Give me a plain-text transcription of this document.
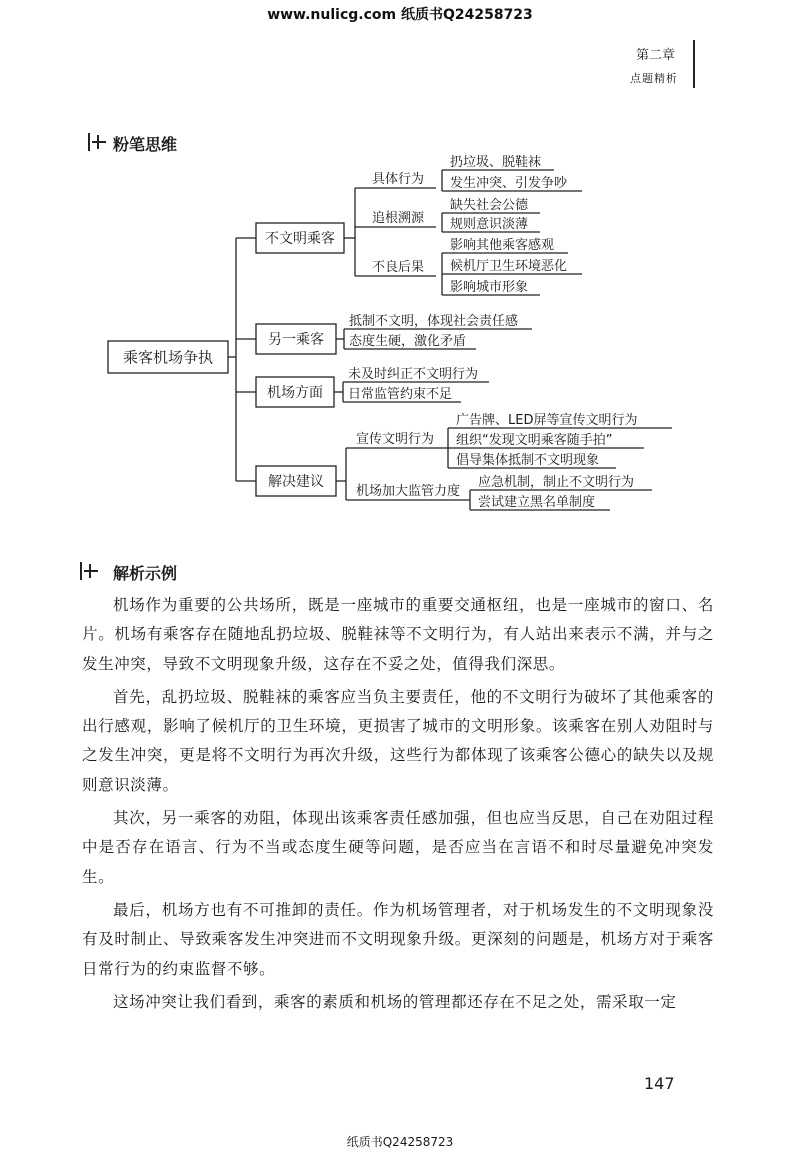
www.nulicg.com 纸质书Q24258723
第二章
点题精析
粉笔思维
乘客机场争执
不文明乘客
具体行为
扔垃圾、脱鞋袜
发生冲突、引发争吵
追根溯源
缺失社会公德
规则意识淡薄
不良后果
影响其他乘客感观
候机厅卫生环境恶化
影响城市形象
另一乘客
抵制不文明，体现社会责任感
态度生硬，激化矛盾
机场方面
未及时纠正不文明行为
日常监管约束不足
解决建议
宣传文明行为
广告牌、LED屏等宣传文明行为
组织“发现文明乘客随手拍”
倡导集体抵制不文明现象
机场加大监管力度
应急机制，制止不文明行为
尝试建立黑名单制度
解析示例

机场作为重要的公共场所，既是一座城市的重要交通枢纽，也是一座城市的窗口、名片。机场有乘客存在随地乱扔垃圾、脱鞋袜等不文明行为，有人站出来表示不满，并与之发生冲突，导致不文明现象升级，这存在不妥之处，值得我们深思。

首先，乱扔垃圾、脱鞋袜的乘客应当负主要责任，他的不文明行为破坏了其他乘客的出行感观，影响了候机厅的卫生环境，更损害了城市的文明形象。该乘客在别人劝阻时与之发生冲突，更是将不文明行为再次升级，这些行为都体现了该乘客公德心的缺失以及规则意识淡薄。

其次，另一乘客的劝阻，体现出该乘客责任感加强，但也应当反思，自己在劝阻过程中是否存在语言、行为不当或态度生硬等问题，是否应当在言语不和时尽量避免冲突发生。

最后，机场方也有不可推卸的责任。作为机场管理者，对于机场发生的不文明现象没有及时制止、导致乘客发生冲突进而不文明现象升级。更深刻的问题是，机场方对于乘客日常行为的约束监督不够。

这场冲突让我们看到，乘客的素质和机场的管理都还存在不足之处，需采取一定

147
纸质书Q24258723
